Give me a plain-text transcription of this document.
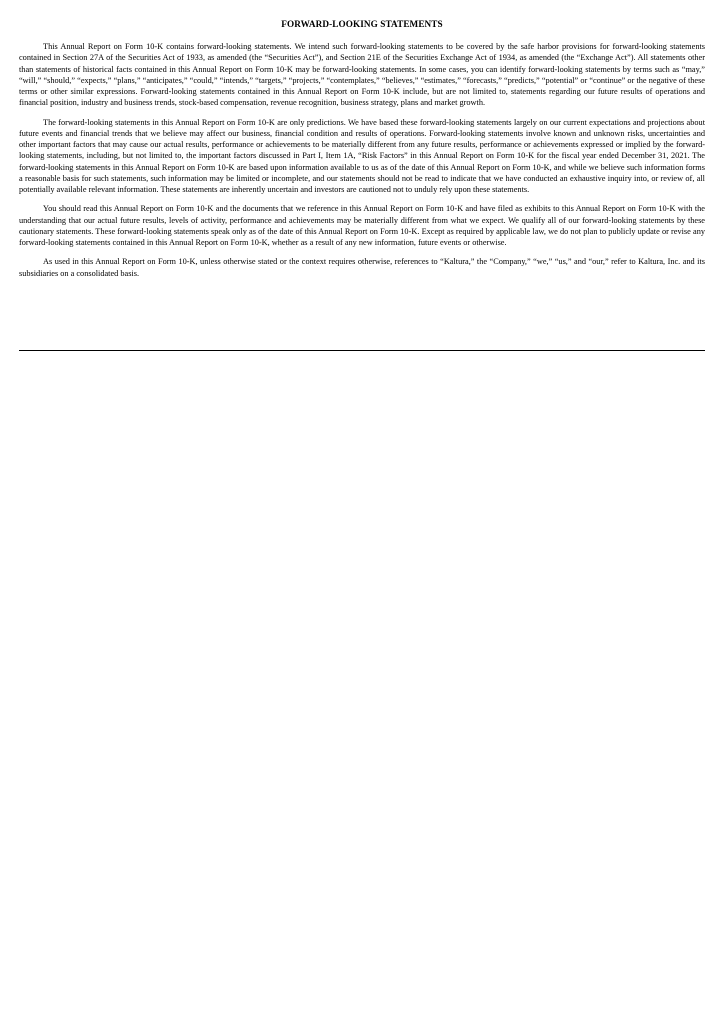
FORWARD-LOOKING STATEMENTS

This Annual Report on Form 10-K contains forward-looking statements. We intend such forward-looking statements to be covered by the safe harbor provisions for forward-looking statements contained in Section 27A of the Securities Act of 1933, as amended (the “Securities Act”), and Section 21E of the Securities Exchange Act of 1934, as amended (the “Exchange Act”). All statements other than statements of historical facts contained in this Annual Report on Form 10-K may be forward-looking statements. In some cases, you can identify forward-looking statements by terms such as “may,” “will,” “should,” “expects,” “plans,” “anticipates,” “could,” “intends,” “targets,” “projects,” “contemplates,” “believes,” “estimates,” “forecasts,” “predicts,” “potential” or “continue” or the negative of these terms or other similar expressions. Forward-looking statements contained in this Annual Report on Form 10-K include, but are not limited to, statements regarding our future results of operations and financial position, industry and business trends, stock-based compensation, revenue recognition, business strategy, plans and market growth.

The forward-looking statements in this Annual Report on Form 10-K are only predictions. We have based these forward-looking statements largely on our current expectations and projections about future events and financial trends that we believe may affect our business, financial condition and results of operations. Forward-looking statements involve known and unknown risks, uncertainties and other important factors that may cause our actual results, performance or achievements to be materially different from any future results, performance or achievements expressed or implied by the forward-looking statements, including, but not limited to, the important factors discussed in Part I, Item 1A, “Risk Factors” in this Annual Report on Form 10-K for the fiscal year ended December 31, 2021. The forward-looking statements in this Annual Report on Form 10-K are based upon information available to us as of the date of this Annual Report on Form 10-K, and while we believe such information forms a reasonable basis for such statements, such information may be limited or incomplete, and our statements should not be read to indicate that we have conducted an exhaustive inquiry into, or review of, all potentially available relevant information. These statements are inherently uncertain and investors are cautioned not to unduly rely upon these statements.

You should read this Annual Report on Form 10-K and the documents that we reference in this Annual Report on Form 10-K and have filed as exhibits to this Annual Report on Form 10-K with the understanding that our actual future results, levels of activity, performance and achievements may be materially different from what we expect. We qualify all of our forward-looking statements by these cautionary statements. These forward-looking statements speak only as of the date of this Annual Report on Form 10-K. Except as required by applicable law, we do not plan to publicly update or revise any forward-looking statements contained in this Annual Report on Form 10-K, whether as a result of any new information, future events or otherwise.

As used in this Annual Report on Form 10-K, unless otherwise stated or the context requires otherwise, references to “Kaltura,” the “Company,” “we,” “us,” and “our,” refer to Kaltura, Inc. and its subsidiaries on a consolidated basis.
